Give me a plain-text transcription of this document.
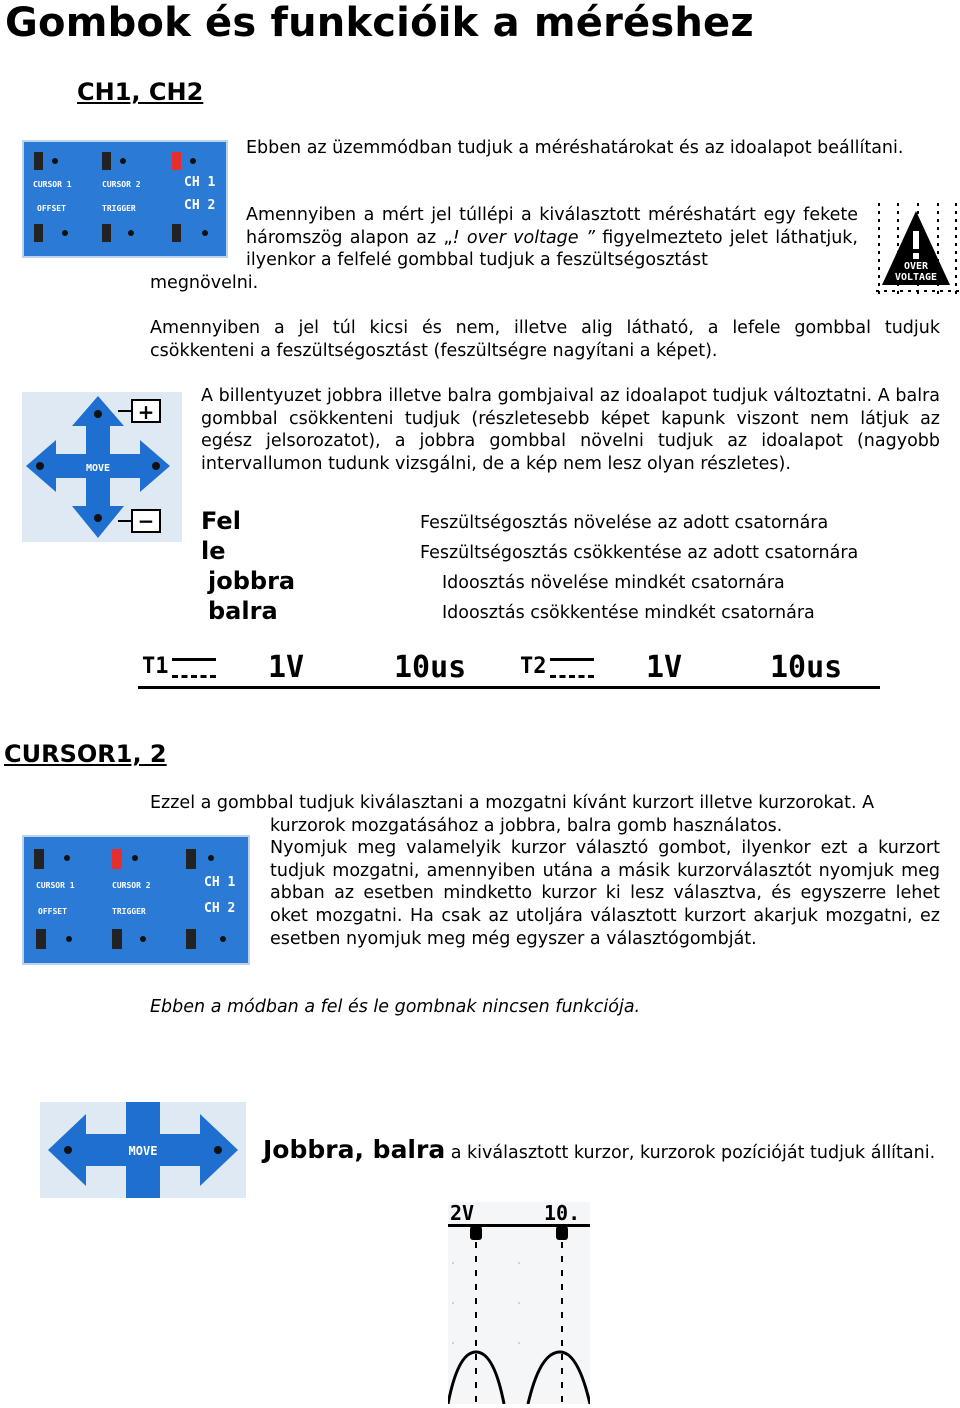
Gombok és funkcióik a méréshez
CH1, CH2
CURSOR 1	CURSOR 2	CH 1
OFFSET	TRIGGER	CH 2
Ebben az üzemmódban tudjuk a méréshatárokat és az idoalapot beállítani.
Amennyiben a mért jel túllépi a kiválasztott méréshatárt egy fekete háromszög alapon az „! over voltage ” figyelmezteto jelet láthatjuk, ilyenkor a felfelé gombbal tudjuk a feszültségosztást
megnövelni.
OVER
VOLTAGE
Amennyiben a jel túl kicsi és nem, illetve alig látható, a lefele gombbal tudjuk csökkenteni a feszültségosztást (feszültségre nagyítani a képet).
MOVE
+
−
A billentyuzet jobbra illetve balra gombjaival az idoalapot tudjuk változtatni. A balra gombbal csökkenteni tudjuk (részletesebb képet kapunk viszont nem látjuk az egész jelsorozatot), a jobbra gombbal növelni tudjuk az idoalapot (nagyobb intervallumon tudunk vizsgálni, de a kép nem lesz olyan részletes).
Fel	Feszültségosztás növelése az adott csatornára
le	Feszültségosztás csökkentése az adott csatornára
jobbra	Idoosztás növelése mindkét csatornára
balra	Idoosztás csökkentése mindkét csatornára
T1	1V	10us T2	1V	10us
CURSOR1, 2
Ezzel a gombbal tudjuk kiválasztani a mozgatni kívánt kurzort illetve kurzorokat. A
kurzorok mozgatásához a jobbra, balra gomb használatos.
Nyomjuk meg valamelyik kurzor választó gombot, ilyenkor ezt a kurzort tudjuk mozgatni, amennyiben utána a másik kurzorválasztót nyomjuk meg abban az esetben mindketto kurzor ki lesz választva, és egyszerre lehet oket mozgatni. Ha csak az utoljára választott kurzort akarjuk mozgatni, ez esetben nyomjuk meg még egyszer a választógombját.
CURSOR 1	CURSOR 2	CH 1
OFFSET	TRIGGER	CH 2
Ebben a módban a fel és le gombnak nincsen funkciója.
MOVE	Jobbra, balra a kiválasztott kurzor, kurzorok pozícióját tudjuk állítani.
2V	10.
